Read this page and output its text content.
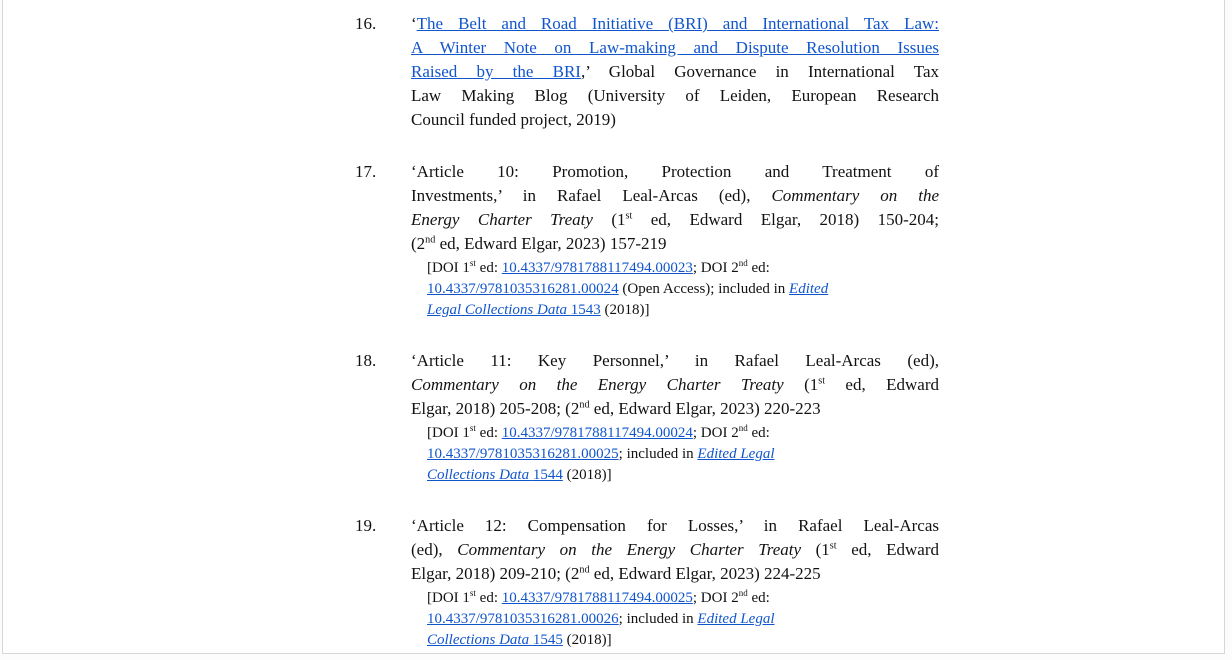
16.	‘The Belt and Road Initiative (BRI) and International Tax Law:
A Winter Note on Law-making and Dispute Resolution Issues
Raised by the BRI,’ Global Governance in International Tax
Law Making Blog (University of Leiden, European Research
Council funded project, 2019)
17.	‘Article 10: Promotion, Protection and Treatment of
Investments,’ in Rafael Leal-Arcas (ed), Commentary on the
Energy Charter Treaty (1st ed, Edward Elgar, 2018) 150-204;
(2nd ed, Edward Elgar, 2023) 157-219
[DOI 1st ed: 10.4337/9781788117494.00023; DOI 2nd ed:
10.4337/9781035316281.00024 (Open Access); included in Edited
Legal Collections Data 1543 (2018)]
18.	‘Article 11: Key Personnel,’ in Rafael Leal-Arcas (ed),
Commentary on the Energy Charter Treaty (1st ed, Edward
Elgar, 2018) 205-208; (2nd ed, Edward Elgar, 2023) 220-223
[DOI 1st ed: 10.4337/9781788117494.00024; DOI 2nd ed:
10.4337/9781035316281.00025; included in Edited Legal
Collections Data 1544 (2018)]
19.	‘Article 12: Compensation for Losses,’ in Rafael Leal-Arcas
(ed), Commentary on the Energy Charter Treaty (1st ed, Edward
Elgar, 2018) 209-210; (2nd ed, Edward Elgar, 2023) 224-225
[DOI 1st ed: 10.4337/9781788117494.00025; DOI 2nd ed:
10.4337/9781035316281.00026; included in Edited Legal
Collections Data 1545 (2018)]
